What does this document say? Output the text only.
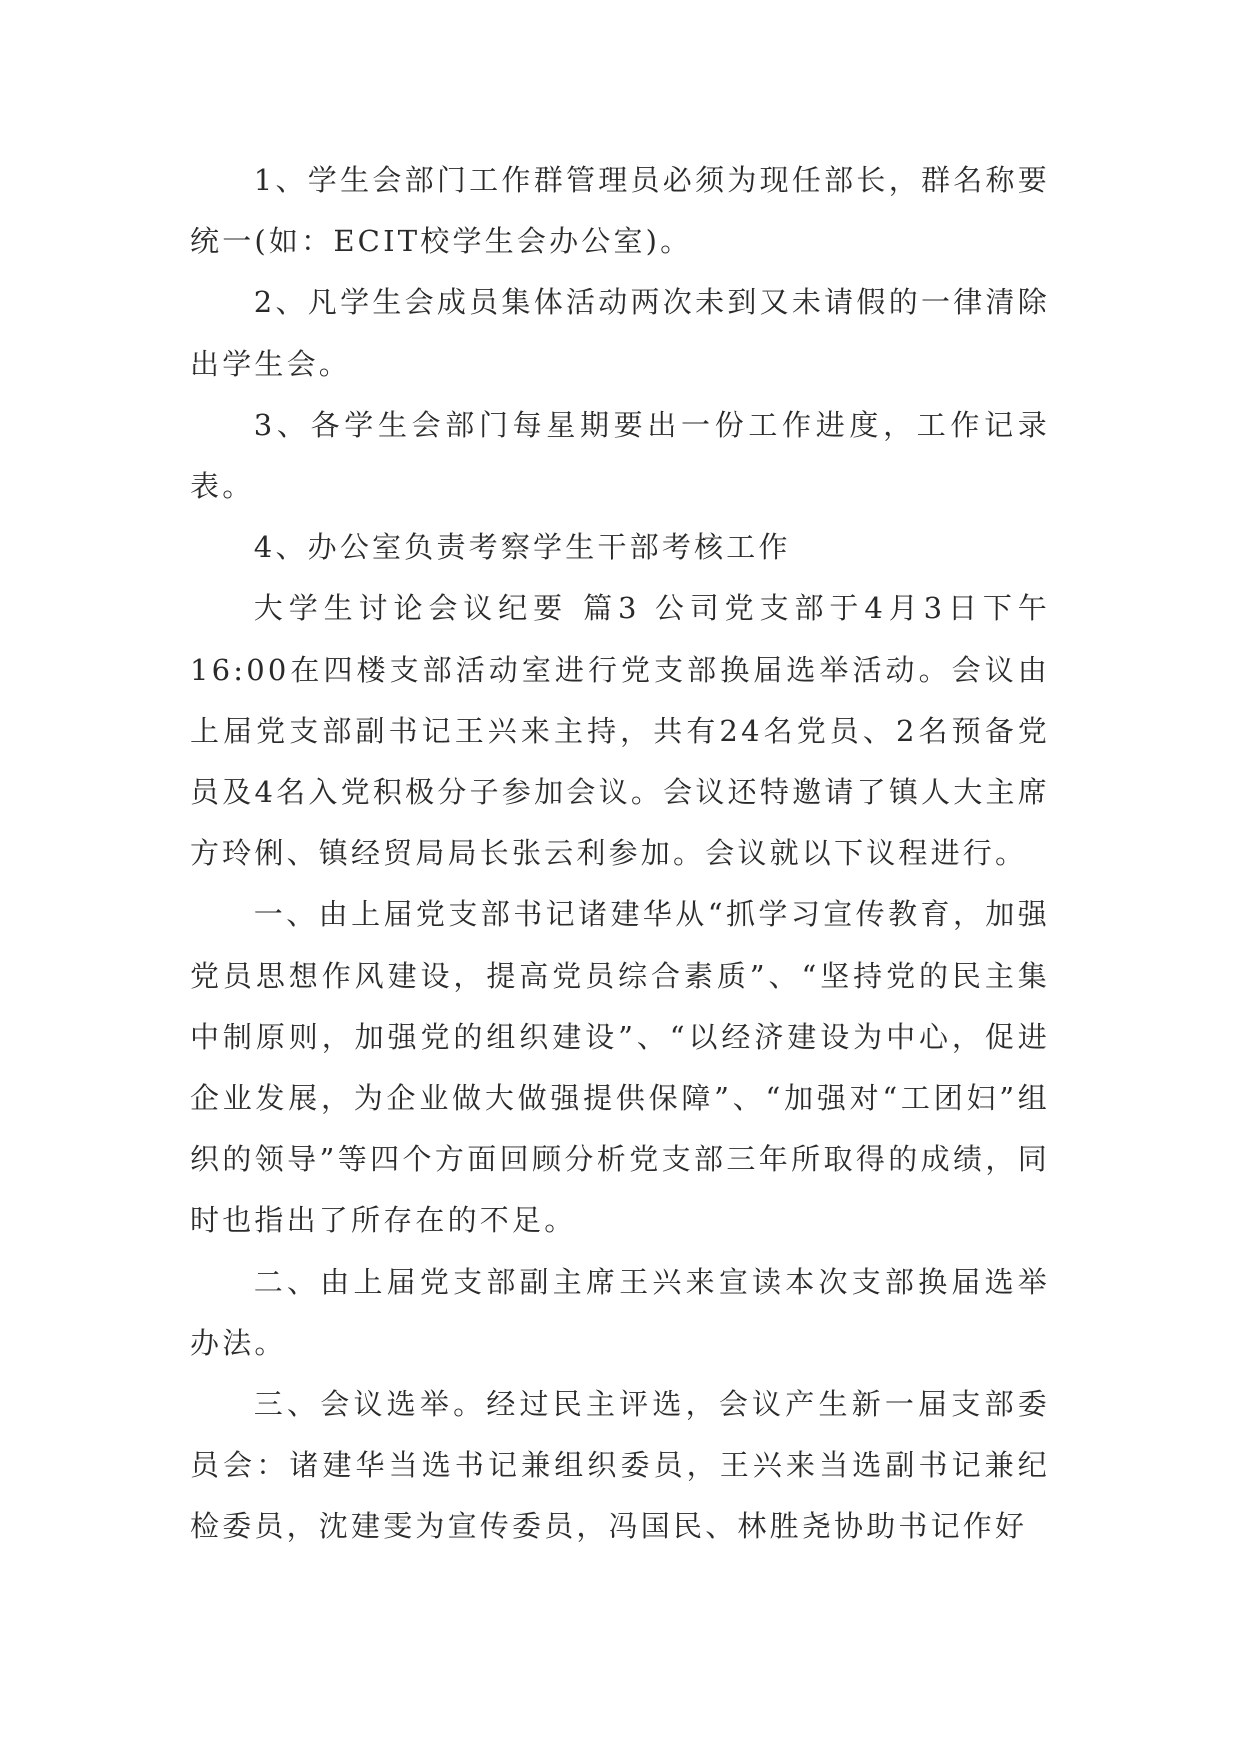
1、学生会部门工作群管理员必须为现任部长，群名称要统一(如：ECIT校学生会办公室)。

2、凡学生会成员集体活动两次未到又未请假的一律清除出学生会。

3、各学生会部门每星期要出一份工作进度，工作记录表。

4、办公室负责考察学生干部考核工作

大学生讨论会议纪要 篇3 公司党支部于4月3日下午16:00在四楼支部活动室进行党支部换届选举活动。会议由上届党支部副书记王兴来主持，共有24名党员、2名预备党员及4名入党积极分子参加会议。会议还特邀请了镇人大主席方玲俐、镇经贸局局长张云利参加。会议就以下议程进行。

一、由上届党支部书记诸建华从“抓学习宣传教育，加强党员思想作风建设，提高党员综合素质”、“坚持党的民主集中制原则，加强党的组织建设”、“以经济建设为中心，促进企业发展，为企业做大做强提供保障”、“加强对“工团妇”组织的领导”等四个方面回顾分析党支部三年所取得的成绩，同时也指出了所存在的不足。

二、由上届党支部副主席王兴来宣读本次支部换届选举办法。

三、会议选举。经过民主评选，会议产生新一届支部委员会：诸建华当选书记兼组织委员，王兴来当选副书记兼纪检委员，沈建雯为宣传委员，冯国民、林胜尧协助书记作好
